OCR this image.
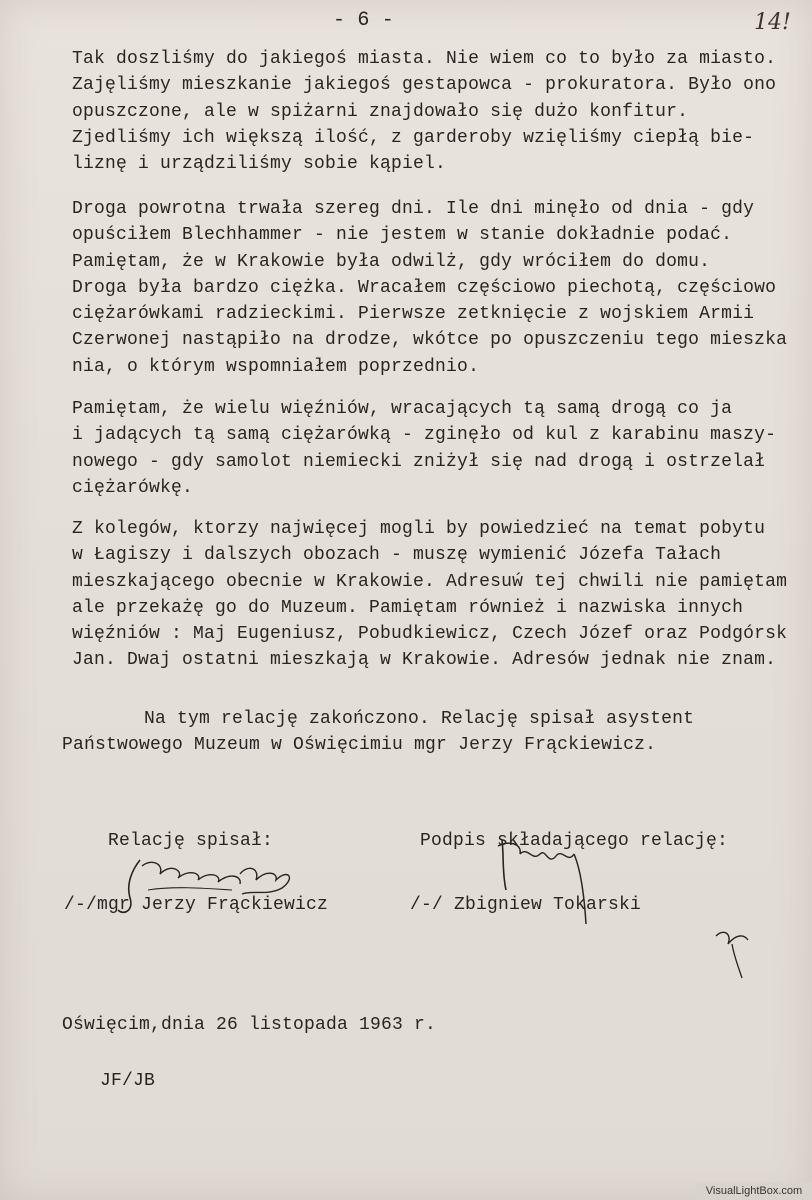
- 6 -	14!
Tak doszliśmy do jakiegoś miasta. Nie wiem co to było za miasto.
Zajęliśmy mieszkanie jakiegoś gestapowca - prokuratora. Było ono
opuszczone, ale w spiżarni znajdowało się dużo konfitur.
Zjedliśmy ich większą ilość, z garderoby wzięliśmy ciepłą bie-
liznę i urządziliśmy sobie kąpiel.
Droga powrotna trwała szereg dni. Ile dni minęło od dnia - gdy
opuściłem Blechhammer - nie jestem w stanie dokładnie podać.
Pamiętam, że w Krakowie była odwilż, gdy wróciłem do domu.
Droga była bardzo ciężka. Wracałem częściowo piechotą, częściowo
ciężarówkami radzieckimi. Pierwsze zetknięcie z wojskiem Armii
Czerwonej nastąpiło na drodze, wkótce po opuszczeniu tego mieszka
nia, o którym wspomniałem poprzednio.
Pamiętam, że wielu więźniów, wracających tą samą drogą co ja
i jadących tą samą ciężarówką - zginęło od kul z karabinu maszy-
nowego - gdy samolot niemiecki zniżył się nad drogą i ostrzelał
ciężarówkę.
Z kolegów, ktorzy najwięcej mogli by powiedzieć na temat pobytu
w Łagiszy i dalszych obozach - muszę wymienić Józefa Tałach
mieszkającego obecnie w Krakowie. Adresuẃ tej chwili nie pamiętam
ale przekażę go do Muzeum. Pamiętam również i nazwiska innych
więźniów : Maj Eugeniusz, Pobudkiewicz, Czech Józef oraz Podgórsk
Jan. Dwaj ostatni mieszkają w Krakowie. Adresów jednak nie znam.
Na tym relację zakończono. Relację spisał asystent
Państwowego Muzeum w Oświęcimiu mgr Jerzy Frąckiewicz.
Relację spisał:	Podpis składającego relację:
/-/mgr Jerzy Frąckiewicz	/-/ Zbigniew Tokarski
Oświęcim,dnia 26 listopada 1963 r.
JF/JB
VisualLightBox.com
